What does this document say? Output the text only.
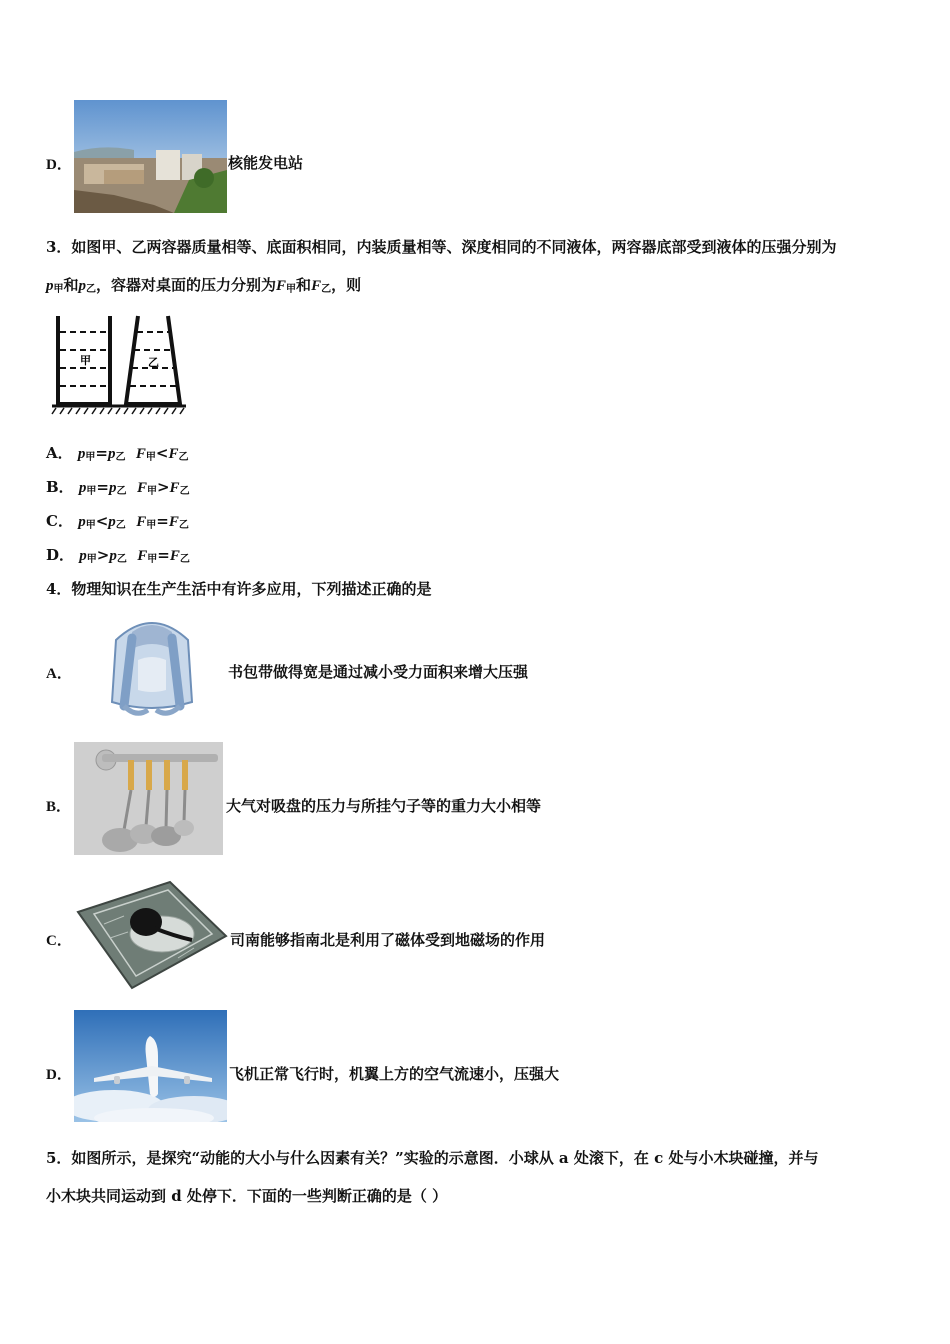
D．	核能发电站
3．如图甲、乙两容器质量相等、底面积相同，内装质量相等、深度相同的不同液体，两容器底部受到液体的压强分别为
$p_甲$和$p_乙$，容器对桌面的压力分别为$F_甲$和$F_乙$，则
甲	乙
A． $p_甲=p_乙$ $F_甲<F_乙$
B． $p_甲=p_乙$ $F_甲>F_乙$
C． $p_甲<p_乙$ $F_甲=F_乙$
D． $p_甲>p_乙$ $F_甲=F_乙$
4．物理知识在生产生活中有许多应用，下列描述正确的是
A．	书包带做得宽是通过减小受力面积来增大压强
B．	大气对吸盘的压力与所挂勺子等的重力大小相等
C．	司南能够指南北是利用了磁体受到地磁场的作用
D．	飞机正常飞行时，机翼上方的空气流速小，压强大
5．如图所示，是探究“动能的大小与什么因素有关？”实验的示意图．小球从 a 处滚下，在 c 处与小木块碰撞，并与
小木块共同运动到 d 处停下．下面的一些判断正确的是（ ）
